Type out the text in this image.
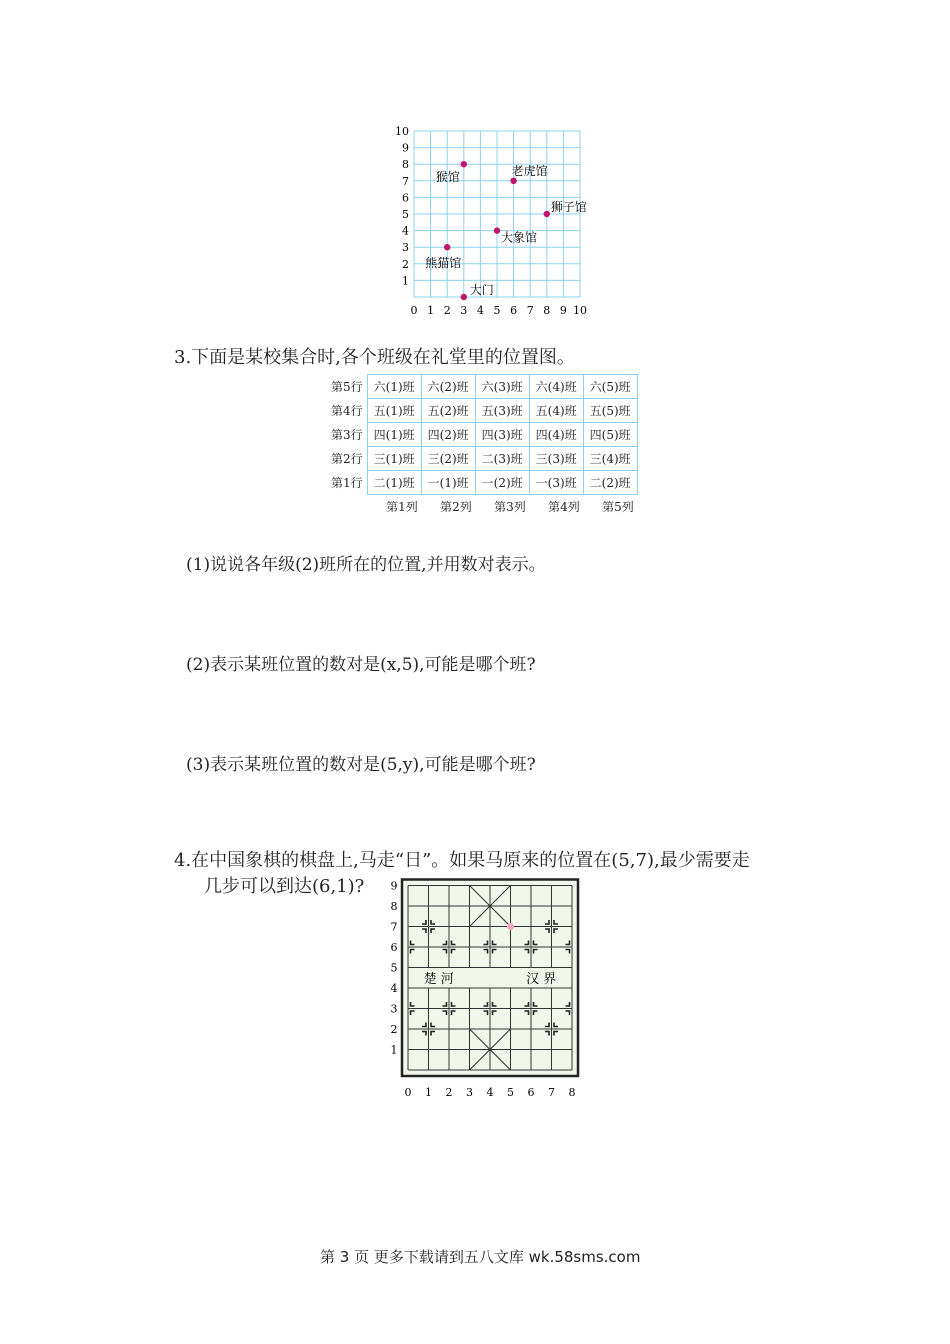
0 1 2 3 4 5 6 7 8 9 10
1
2
3
4
5
6
7
8
9
10
猴馆	老虎馆
狮子馆
大象馆
熊猫馆
大门
3.下面是某校集合时,各个班级在礼堂里的位置图。
第5行	六(1)班	六(2)班	六(3)班	六(4)班	六(5)班
第4行	五(1)班	五(2)班	五(3)班	五(4)班	五(5)班
第3行	四(1)班	四(2)班	四(3)班	四(4)班	四(5)班
第2行	三(1)班	三(2)班	二(3)班	三(3)班	三(4)班
第1行	二(1)班	一(1)班	一(2)班	一(3)班	二(2)班
第1列	第2列	第3列	第4列	第5列
(1)说说各年级(2)班所在的位置,并用数对表示。
(2)表示某班位置的数对是(x,5),可能是哪个班?
(3)表示某班位置的数对是(5,y),可能是哪个班?
4.在中国象棋的棋盘上,马走“日”。如果马原来的位置在(5,7),最少需要走
几步可以到达(6,1)?
楚 河	汉 界
0 1 2 3 4 5 6 7 8
1
2
3
4
5
6
7
8
9
第 3 页 更多下载请到五八文库 wk.58sms.com
